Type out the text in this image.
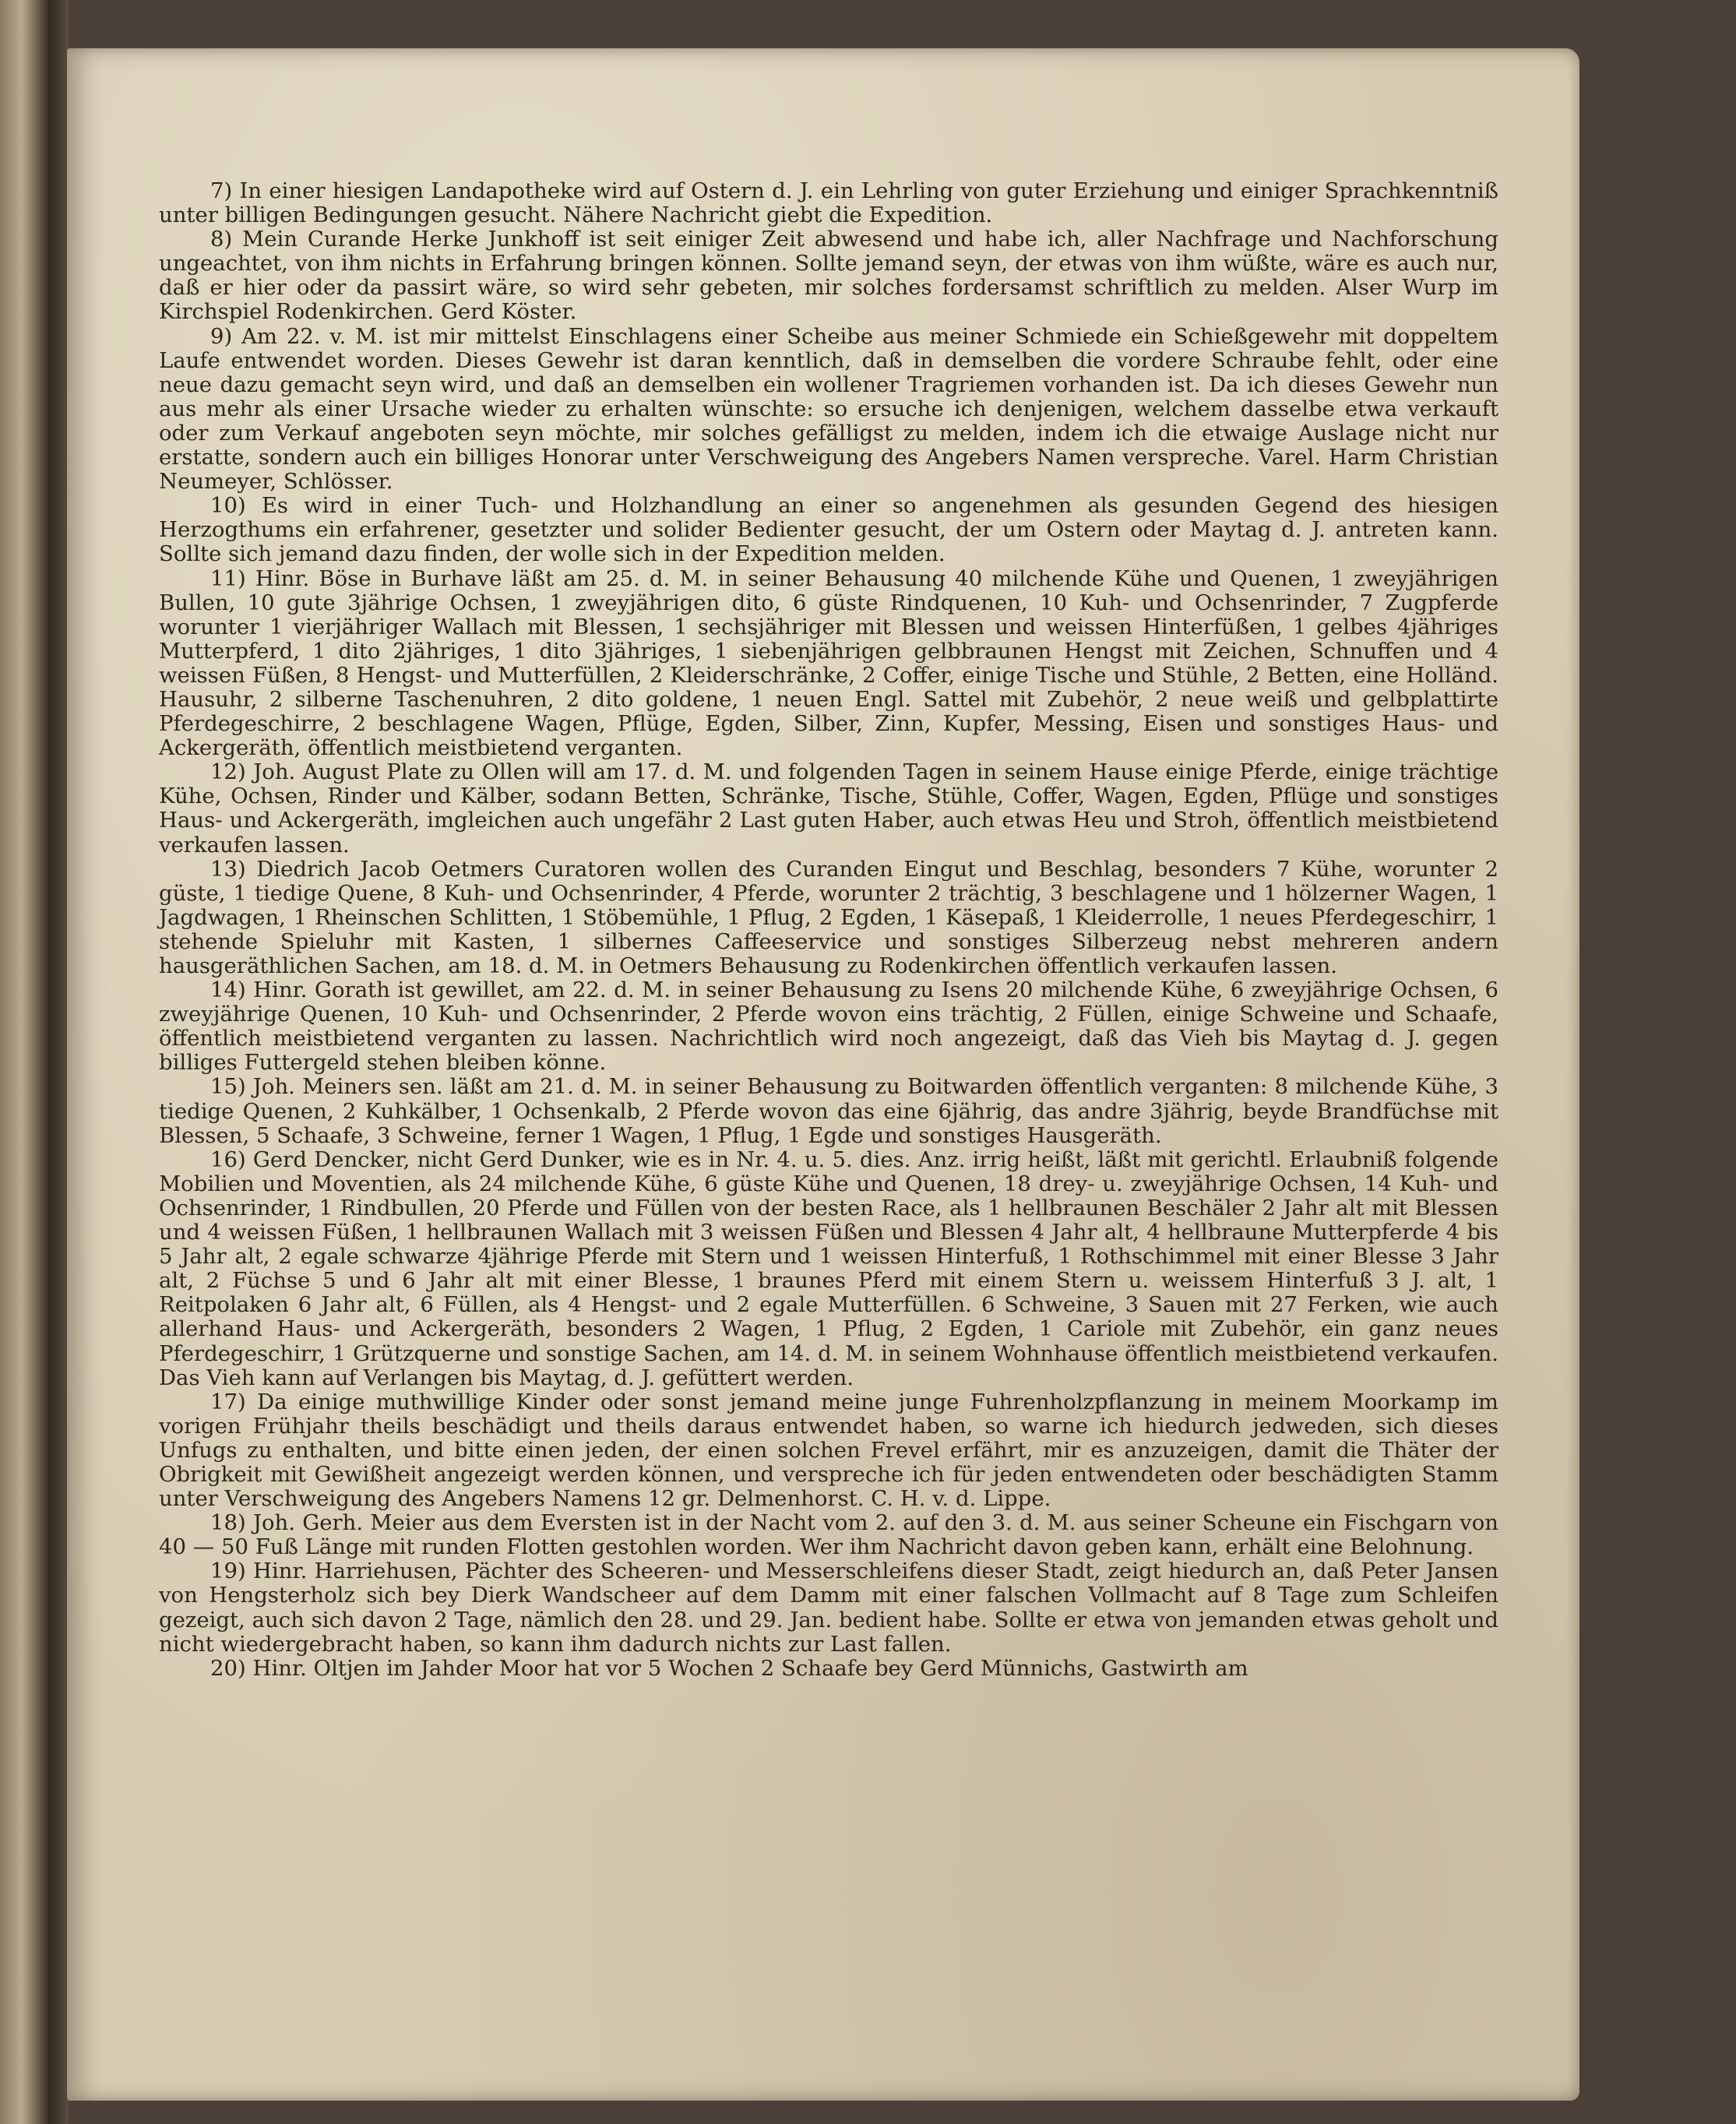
7) In einer hiesigen Landapotheke wird auf Ostern d. J. ein Lehrling von guter Erziehung und einiger Sprachkenntniß unter billigen Bedingungen gesucht. Nähere Nachricht giebt die Expedition.

8) Mein Curande Herke Junkhoff ist seit einiger Zeit abwesend und habe ich, aller Nachfrage und Nachforschung ungeachtet, von ihm nichts in Erfahrung bringen können. Sollte jemand seyn, der etwas von ihm wüßte, wäre es auch nur, daß er hier oder da passirt wäre, so wird sehr gebeten, mir solches fordersamst schriftlich zu melden. Alser Wurp im Kirchspiel Rodenkirchen. Gerd Köster.

9) Am 22. v. M. ist mir mittelst Einschlagens einer Scheibe aus meiner Schmiede ein Schießgewehr mit doppeltem Laufe entwendet worden. Dieses Gewehr ist daran kenntlich, daß in demselben die vordere Schraube fehlt, oder eine neue dazu gemacht seyn wird, und daß an demselben ein wollener Tragriemen vorhanden ist. Da ich dieses Gewehr nun aus mehr als einer Ursache wieder zu erhalten wünschte: so ersuche ich denjenigen, welchem dasselbe etwa verkauft oder zum Verkauf angeboten seyn möchte, mir solches gefälligst zu melden, indem ich die etwaige Auslage nicht nur erstatte, sondern auch ein billiges Honorar unter Verschweigung des Angebers Namen verspreche. Varel. Harm Christian Neumeyer, Schlösser.

10) Es wird in einer Tuch- und Holzhandlung an einer so angenehmen als gesunden Gegend des hiesigen Herzogthums ein erfahrener, gesetzter und solider Bedienter gesucht, der um Ostern oder Maytag d. J. antreten kann. Sollte sich jemand dazu finden, der wolle sich in der Expedition melden.

11) Hinr. Böse in Burhave läßt am 25. d. M. in seiner Behausung 40 milchende Kühe und Quenen, 1 zweyjährigen Bullen, 10 gute 3jährige Ochsen, 1 zweyjährigen dito, 6 güste Rindquenen, 10 Kuh- und Ochsenrinder, 7 Zugpferde worunter 1 vierjähriger Wallach mit Blessen, 1 sechsjähriger mit Blessen und weissen Hinterfüßen, 1 gelbes 4jähriges Mutterpferd, 1 dito 2jähriges, 1 dito 3jähriges, 1 siebenjährigen gelbbraunen Hengst mit Zeichen, Schnuffen und 4 weissen Füßen, 8 Hengst- und Mutterfüllen, 2 Kleiderschränke, 2 Coffer, einige Tische und Stühle, 2 Betten, eine Holländ. Hausuhr, 2 silberne Taschenuhren, 2 dito goldene, 1 neuen Engl. Sattel mit Zubehör, 2 neue weiß und gelbplattirte Pferdegeschirre, 2 beschlagene Wagen, Pflüge, Egden, Silber, Zinn, Kupfer, Messing, Eisen und sonstiges Haus- und Ackergeräth, öffentlich meistbietend verganten.

12) Joh. August Plate zu Ollen will am 17. d. M. und folgenden Tagen in seinem Hause einige Pferde, einige trächtige Kühe, Ochsen, Rinder und Kälber, sodann Betten, Schränke, Tische, Stühle, Coffer, Wagen, Egden, Pflüge und sonstiges Haus- und Ackergeräth, imgleichen auch ungefähr 2 Last guten Haber, auch etwas Heu und Stroh, öffentlich meistbietend verkaufen lassen.

13) Diedrich Jacob Oetmers Curatoren wollen des Curanden Eingut und Beschlag, besonders 7 Kühe, worunter 2 güste, 1 tiedige Quene, 8 Kuh- und Ochsenrinder, 4 Pferde, worunter 2 trächtig, 3 beschlagene und 1 hölzerner Wagen, 1 Jagdwagen, 1 Rheinschen Schlitten, 1 Stöbemühle, 1 Pflug, 2 Egden, 1 Käsepaß, 1 Kleiderrolle, 1 neues Pferdegeschirr, 1 stehende Spieluhr mit Kasten, 1 silbernes Caffeeservice und sonstiges Silberzeug nebst mehreren andern hausgeräthlichen Sachen, am 18. d. M. in Oetmers Behausung zu Rodenkirchen öffentlich verkaufen lassen.

14) Hinr. Gorath ist gewillet, am 22. d. M. in seiner Behausung zu Isens 20 milchende Kühe, 6 zweyjährige Ochsen, 6 zweyjährige Quenen, 10 Kuh- und Ochsenrinder, 2 Pferde wovon eins trächtig, 2 Füllen, einige Schweine und Schaafe, öffentlich meistbietend verganten zu lassen. Nachrichtlich wird noch angezeigt, daß das Vieh bis Maytag d. J. gegen billiges Futtergeld stehen bleiben könne.

15) Joh. Meiners sen. läßt am 21. d. M. in seiner Behausung zu Boitwarden öffentlich verganten: 8 milchende Kühe, 3 tiedige Quenen, 2 Kuhkälber, 1 Ochsenkalb, 2 Pferde wovon das eine 6jährig, das andre 3jährig, beyde Brandfüchse mit Blessen, 5 Schaafe, 3 Schweine, ferner 1 Wagen, 1 Pflug, 1 Egde und sonstiges Hausgeräth.

16) Gerd Dencker, nicht Gerd Dunker, wie es in Nr. 4. u. 5. dies. Anz. irrig heißt, läßt mit gerichtl. Erlaubniß folgende Mobilien und Moventien, als 24 milchende Kühe, 6 güste Kühe und Quenen, 18 drey- u. zweyjährige Ochsen, 14 Kuh- und Ochsenrinder, 1 Rindbullen, 20 Pferde und Füllen von der besten Race, als 1 hellbraunen Beschäler 2 Jahr alt mit Blessen und 4 weissen Füßen, 1 hellbraunen Wallach mit 3 weissen Füßen und Blessen 4 Jahr alt, 4 hellbraune Mutterpferde 4 bis 5 Jahr alt, 2 egale schwarze 4jährige Pferde mit Stern und 1 weissen Hinterfuß, 1 Rothschimmel mit einer Blesse 3 Jahr alt, 2 Füchse 5 und 6 Jahr alt mit einer Blesse, 1 braunes Pferd mit einem Stern u. weissem Hinterfuß 3 J. alt, 1 Reitpolaken 6 Jahr alt, 6 Füllen, als 4 Hengst- und 2 egale Mutterfüllen. 6 Schweine, 3 Sauen mit 27 Ferken, wie auch allerhand Haus- und Ackergeräth, besonders 2 Wagen, 1 Pflug, 2 Egden, 1 Cariole mit Zubehör, ein ganz neues Pferdegeschirr, 1 Grützquerne und sonstige Sachen, am 14. d. M. in seinem Wohnhause öffentlich meistbietend verkaufen. Das Vieh kann auf Verlangen bis Maytag, d. J. gefüttert werden.

17) Da einige muthwillige Kinder oder sonst jemand meine junge Fuhrenholzpflanzung in meinem Moorkamp im vorigen Frühjahr theils beschädigt und theils daraus entwendet haben, so warne ich hiedurch jedweden, sich dieses Unfugs zu enthalten, und bitte einen jeden, der einen solchen Frevel erfährt, mir es anzuzeigen, damit die Thäter der Obrigkeit mit Gewißheit angezeigt werden können, und verspreche ich für jeden entwendeten oder beschädigten Stamm unter Verschweigung des Angebers Namens 12 gr. Delmenhorst. C. H. v. d. Lippe.

18) Joh. Gerh. Meier aus dem Eversten ist in der Nacht vom 2. auf den 3. d. M. aus seiner Scheune ein Fischgarn von 40 — 50 Fuß Länge mit runden Flotten gestohlen worden. Wer ihm Nachricht davon geben kann, erhält eine Belohnung.

19) Hinr. Harriehusen, Pächter des Scheeren- und Messerschleifens dieser Stadt, zeigt hiedurch an, daß Peter Jansen von Hengsterholz sich bey Dierk Wandscheer auf dem Damm mit einer falschen Vollmacht auf 8 Tage zum Schleifen gezeigt, auch sich davon 2 Tage, nämlich den 28. und 29. Jan. bedient habe. Sollte er etwa von jemanden etwas geholt und nicht wiedergebracht haben, so kann ihm dadurch nichts zur Last fallen.

20) Hinr. Oltjen im Jahder Moor hat vor 5 Wochen 2 Schaafe bey Gerd Münnichs, Gastwirth am
